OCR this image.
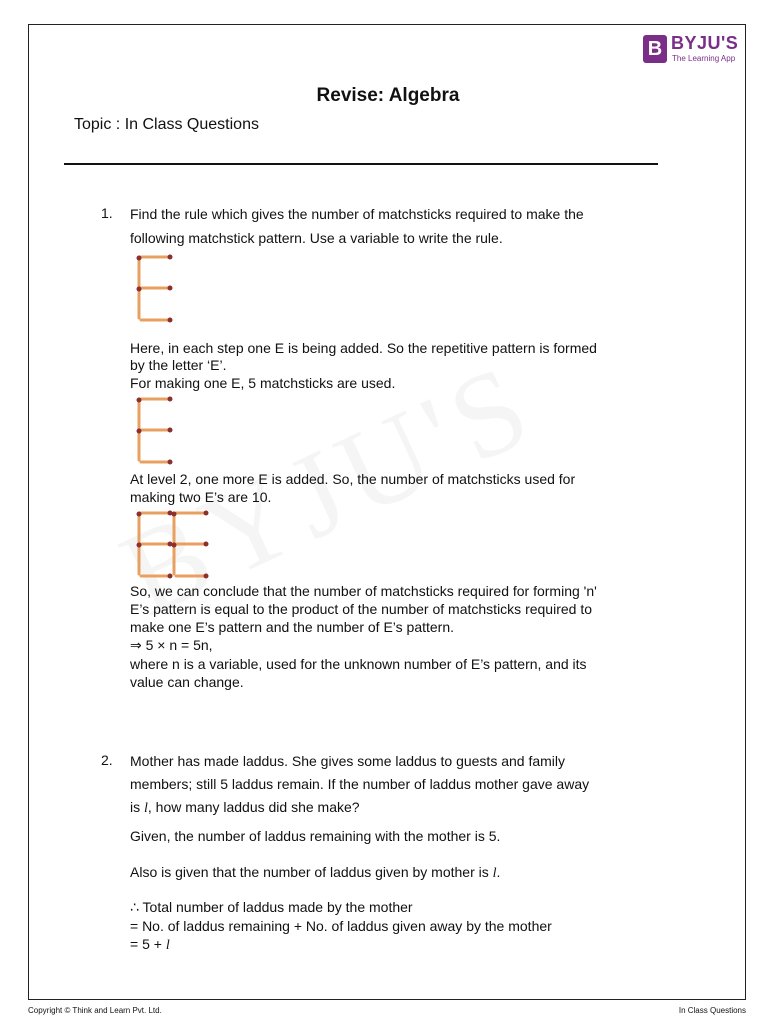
Revise: Algebra
B BYJU'S
The Learning App
Topic : In Class Questions
1. Find the rule which gives the number of matchsticks required to make the
following matchstick pattern. Use a variable to write the rule.
Here, in each step one E is being added. So the repetitive pattern is formed
by the letter ‘E’.
For making one E, 5 matchsticks are used.
At level 2, one more E is added. So, the number of matchsticks used for
making two E’s are 10.
So, we can conclude that the number of matchsticks required for forming 'n'
E’s pattern is equal to the product of the number of matchsticks required to
make one E’s pattern and the number of E’s pattern.
⇒ 5 × n = 5n,
where n is a variable, used for the unknown number of E’s pattern, and its
value can change.
2. Mother has made laddus. She gives some laddus to guests and family
members; still 5 laddus remain. If the number of laddus mother gave away
is l, how many laddus did she make?
Given, the number of laddus remaining with the mother is 5.
Also is given that the number of laddus given by mother is l.
∴ Total number of laddus made by the mother
= No. of laddus remaining + No. of laddus given away by the mother
= 5 + l
Copyright © Think and Learn Pvt. Ltd.	In Class Questions
